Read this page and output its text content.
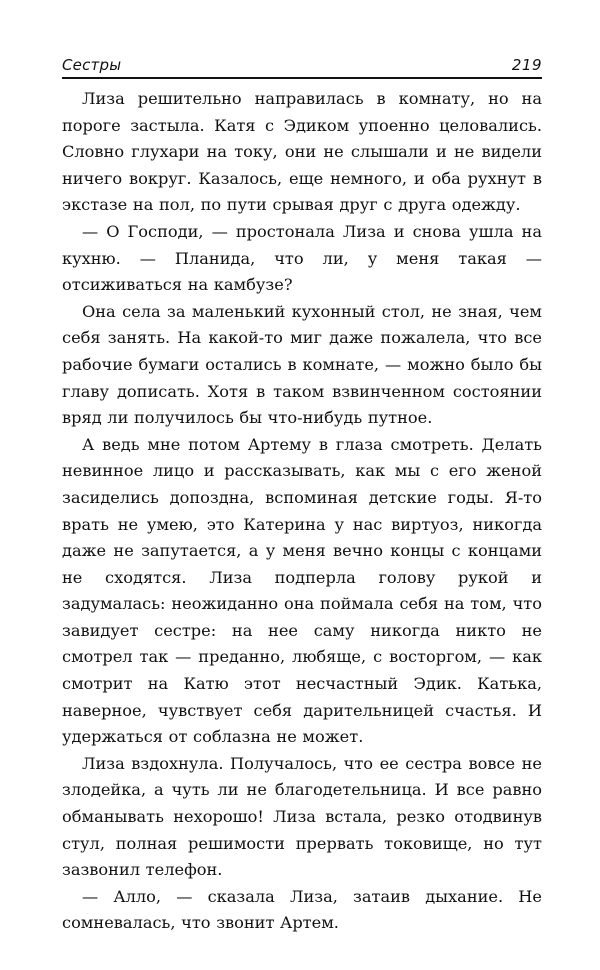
Сестры	219

Лиза решительно направилась в комнату, но на пороге застыла. Катя с Эдиком упоенно целовались. Словно глухари на току, они не слышали и не видели ничего вокруг. Казалось, еще немного, и оба рухнут в экстазе на пол, по пути срывая друг с друга одежду.

— О Господи, — простонала Лиза и снова ушла на кухню. — Планида, что ли, у меня такая — отсиживаться на камбузе?

Она села за маленький кухонный стол, не зная, чем себя занять. На какой-то миг даже пожалела, что все рабочие бумаги остались в комнате, — можно было бы главу дописать. Хотя в таком взвинченном состоянии вряд ли получилось бы что-нибудь путное.

А ведь мне потом Артему в глаза смотреть. Делать невинное лицо и рассказывать, как мы с его женой засиделись допоздна, вспоминая детские годы. Я-то врать не умею, это Катерина у нас виртуоз, никогда даже не запутается, а у меня вечно концы с концами не сходятся. Лиза подперла голову рукой и задумалась: неожиданно она поймала себя на том, что завидует сестре: на нее саму никогда никто не смотрел так — преданно, любяще, с восторгом, — как смотрит на Катю этот несчастный Эдик. Катька, наверное, чувствует себя дарительницей счастья. И удержаться от соблазна не может.

Лиза вздохнула. Получалось, что ее сестра вовсе не злодейка, а чуть ли не благодетельница. И все равно обманывать нехорошо! Лиза встала, резко отодвинув стул, полная решимости прервать токовище, но тут зазвонил телефон.

— Алло, — сказала Лиза, затаив дыхание. Не сомневалась, что звонит Артем.
